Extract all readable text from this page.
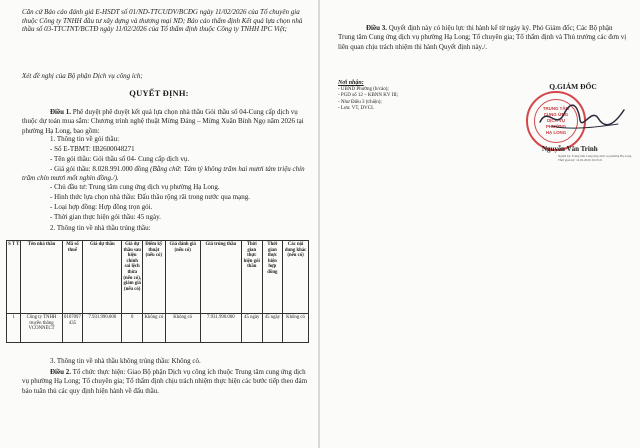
Căn cứ Báo cáo đánh giá E-HSDT số 01/ND-TTCUDV/BCĐG ngày 11/02/2026 của Tổ chuyên gia thuộc Công ty TNHH đầu tư xây dựng và thương mại ND; Báo cáo thẩm định Kết quả lựa chọn nhà thầu số 03-TTCTNT/BCTĐ ngày 11/02/2026 của Tổ thẩm định thuộc Công ty TNHH IPC Việt;
Xét đề nghị của Bộ phận Dịch vụ công ích;
QUYẾT ĐỊNH:
Điều 1. Phê duyệt phê duyệt kết quả lựa chọn nhà thầu Gói thầu số 04-Cung cấp dịch vụ thuộc dự toán mua sắm: Chương trình nghệ thuật Mừng Đảng – Mừng Xuân Bính Ngọ năm 2026 tại phường Hạ Long, bao gồm:
1. Thông tin về gói thầu:
- Số E-TBMT: IB2600048271
- Tên gói thầu: Gói thầu số 04- Cung cấp dịch vụ.
- Giá gói thầu: 8.028.991.000 đồng (Bằng chữ: Tám tỷ không trăm hai mươi tám triệu chín trăm chín mươi mốt nghìn đồng./).
- Chủ đầu tư: Trung tâm cung ứng dịch vụ phường Hạ Long.
- Hình thức lựa chọn nhà thầu: Đấu thầu rộng rãi trong nước qua mạng.
- Loại hợp đồng: Hợp đồng trọn gói.
- Thời gian thực hiện gói thầu: 45 ngày.
2. Thông tin về nhà thầu trúng thầu:
S T T	Tên nhà thầu	Mã số thuế	Giá dự thầu	Giá dự thầu sau hiệu chỉnh sai lệch thừa (nếu có), giảm giá (nếu có)	Điểm kỹ thuật (nếu có)	Giá đánh giá (nếu có)	Giá trúng thầu	Thời gian thực hiện gói thầu	Thời gian thực hiện hợp đồng	Các nội dung khác (nếu có)
1	Công ty TNHH truyền thông VCONNECT	0107097435	7.931.990.000	0	Không có	Không có	7.931.990.000	45 ngày	45 ngày	Không có
3. Thông tin về nhà thầu không trúng thầu: Không có.
Điều 2. Tổ chức thực hiện: Giao Bộ phận Dịch vụ công ích thuộc Trung tâm cung ứng dịch vụ phường Hạ Long; Tổ chuyên gia; Tổ thẩm định chịu trách nhiệm thực hiện các bước tiếp theo đảm bảo tuân thủ các quy định hiện hành về đấu thầu.
Điều 3. Quyết định này có hiệu lực thi hành kể từ ngày ký. Phó Giám đốc; Các Bộ phận Trung tâm Cung ứng dịch vụ phường Hạ Long; Tổ chuyên gia; Tổ thẩm định và Thủ trưởng các đơn vị liên quan chịu trách nhiệm thi hành Quyết định này./.
Nơi nhận:
- UBND Phường (b/cáo);
- PGD số 12 – KBNN KV III;
- Như Điều 3 (t/hiện);
- Lưu: VT, DVCI.
Q.GIÁM ĐỐC
TRUNG TÂM
CUNG ỨNG
DỊCH VỤ
PHƯỜNG
HẠ LONG
Nguyễn Văn Trinh
Người ký: Trung tâm Cung ứng dịch vụ phường Hạ Long
Thời gian ký: 12.02.2026 10:45:21
